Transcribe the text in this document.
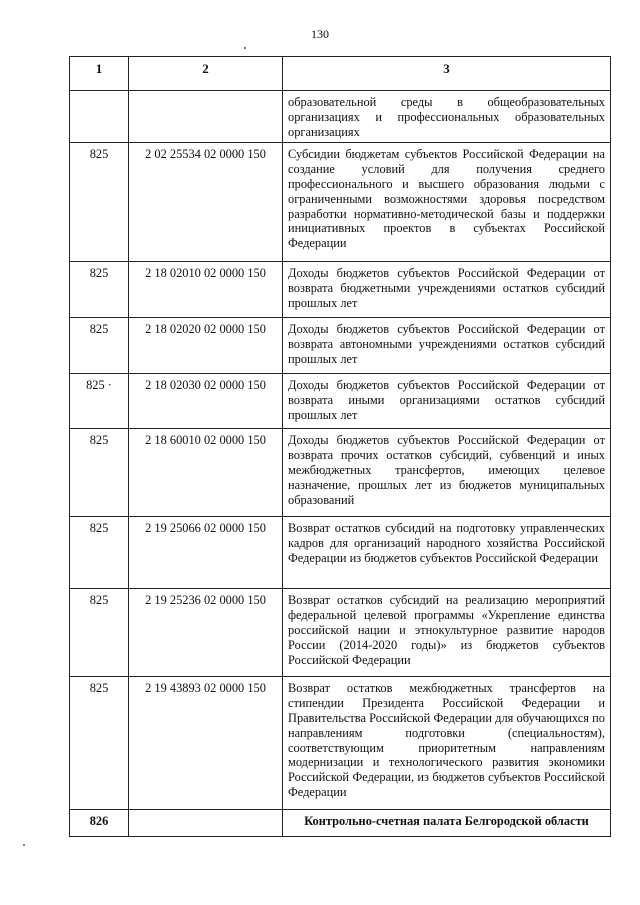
130
1	2	3
		образовательной среды в общеобразовательных организациях и профессиональных образовательных организациях
825	2 02 25534 02 0000 150	Субсидии бюджетам субъектов Российской Федерации на создание условий для получения среднего профессионального и высшего образования людьми с ограниченными возможностями здоровья посредством разработки нормативно-методической базы и поддержки инициативных проектов в субъектах Российской Федерации
825	2 18 02010 02 0000 150	Доходы бюджетов субъектов Российской Федерации от возврата бюджетными учреждениями остатков субсидий прошлых лет
825	2 18 02020 02 0000 150	Доходы бюджетов субъектов Российской Федерации от возврата автономными учреждениями остатков субсидий прошлых лет
825 ·	2 18 02030 02 0000 150	Доходы бюджетов субъектов Российской Федерации от возврата иными организациями остатков субсидий прошлых лет
825	2 18 60010 02 0000 150	Доходы бюджетов субъектов Российской Федерации от возврата прочих остатков субсидий, субвенций и иных межбюджетных трансфертов, имеющих целевое назначение, прошлых лет из бюджетов муниципальных образований
825	2 19 25066 02 0000 150	Возврат остатков субсидий на подготовку управленческих кадров для организаций народного хозяйства Российской Федерации из бюджетов субъектов Российской Федерации
825	2 19 25236 02 0000 150	Возврат остатков субсидий на реализацию мероприятий федеральной целевой программы «Укрепление единства российской нации и этнокультурное развитие народов России (2014-2020 годы)» из бюджетов субъектов Российской Федерации
825	2 19 43893 02 0000 150	Возврат остатков межбюджетных трансфертов на стипендии Президента Российской Федерации и Правительства Российской Федерации для обучающихся по направлениям подготовки (специальностям), соответствующим приоритетным направлениям модернизации и технологического развития экономики Российской Федерации, из бюджетов субъектов Российской Федерации
826		Контрольно-счетная палата Белгородской области
